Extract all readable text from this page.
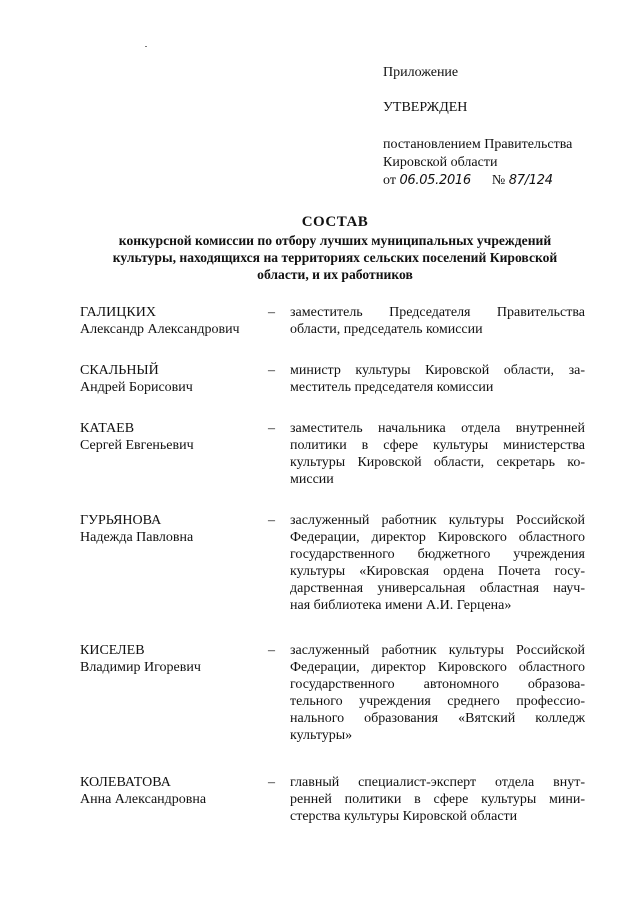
Приложение
УТВЕРЖДЕН
постановлением Правительства
Кировской области
от 06.05.2016 № 87/124
СОСТАВ
конкурсной комиссии по отбору лучших муниципальных учреждений
культуры, находящихся на территориях сельских поселений Кировской
области, и их работников
ГАЛИЦКИХ
Александр Александрович
–	заместитель Председателя Правительства
области, председатель комиссии
СКАЛЬНЫЙ
Андрей Борисович
–	министр культуры Кировской области, за-
меститель председателя комиссии
КАТАЕВ
Сергей Евгеньевич
–	заместитель начальника отдела внутренней
политики в сфере культуры министерства
культуры Кировской области, секретарь ко-
миссии
ГУРЬЯНОВА
Надежда Павловна
–	заслуженный работник культуры Российской
Федерации, директор Кировского областного
государственного бюджетного учреждения
культуры «Кировская ордена Почета госу-
дарственная универсальная областная науч-
ная библиотека имени А.И. Герцена»
КИСЕЛЕВ
Владимир Игоревич
–	заслуженный работник культуры Российской
Федерации, директор Кировского областного
государственного автономного образова-
тельного учреждения среднего профессио-
нального образования «Вятский колледж
культуры»
КОЛЕВАТОВА
Анна Александровна
–	главный специалист-эксперт отдела внут-
ренней политики в сфере культуры мини-
стерства культуры Кировской области
